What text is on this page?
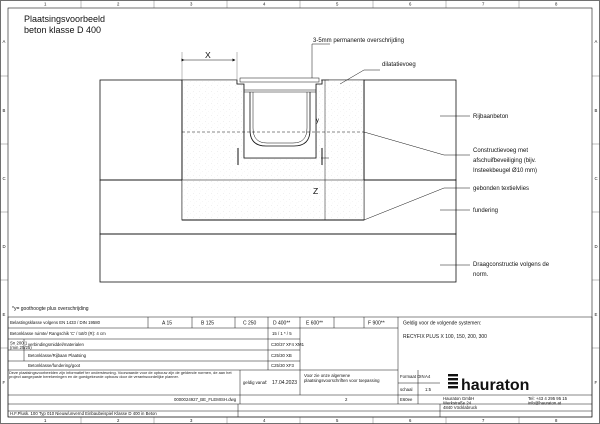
1	2	3	4	5	6	7	8
1	2	3	4	5	6	7	8
A
B
C
D
E
F
A
B
C
D
E
F
Plaatsingsvoorbeeld
beton klasse D 400
X
y
Z
3-5mm permanente overschrijding
dilatatievoeg
Rijbaanbeton
Constructievoeg met
afschuifbeveiliging (bijv.
Insteekbeugel Ø10 mm)
gebonden textielvlies
fundering
Draagconstructie volgens de
norm.
*y= goothoogte plus overschrijding
Belastingsklasse volgens EN 1433 / DIN 19580	A 15	B 125	C 250	D 400**	E 600**	F 900**
Betonklasse ruimte/ Rangschik 'C' / tot/0 (R): 4 cm	15 / 1 * / 5
Sn 200 1
(min 25/25)
verbindingsmiddel/materialen	C30/37 XF4 XM1
Betonklasse/Rijbaan Plaatsing	C25/30 XB
Betonklasse/fundering/goot	C25/30 XF3
Deze plaatsingsvoorbeelden zijn informatief ter ondersteuning. Voorwaarde voor de opbouw zijn de geldende normen, de aan het project aangepaste berekeningen en de goedgekeurde opbouw door de verantwoordelijke planner.
Geldig voor de volgende systemen:
RECYFIX PLUS X 100, 150, 200, 300
geldig vanaf: 17.04.2023
Voor zie onze algemene
plaatsingsvoorschriften voor toepassing
Formaat DIN A4
schaal	1:5
2	E60ee
0000024927_BE_FLEMISH.dwg
H.F.Plusk. 100 Typ 010 Nieuw/unvernd Einbaubeispiel Klasse D 400 in Beton
hauraton
Hauraton GmbH
Werkstraße 24
4840 Vöcklabruck
Tel: +43 4 295 95 15
info@hauraton.at
